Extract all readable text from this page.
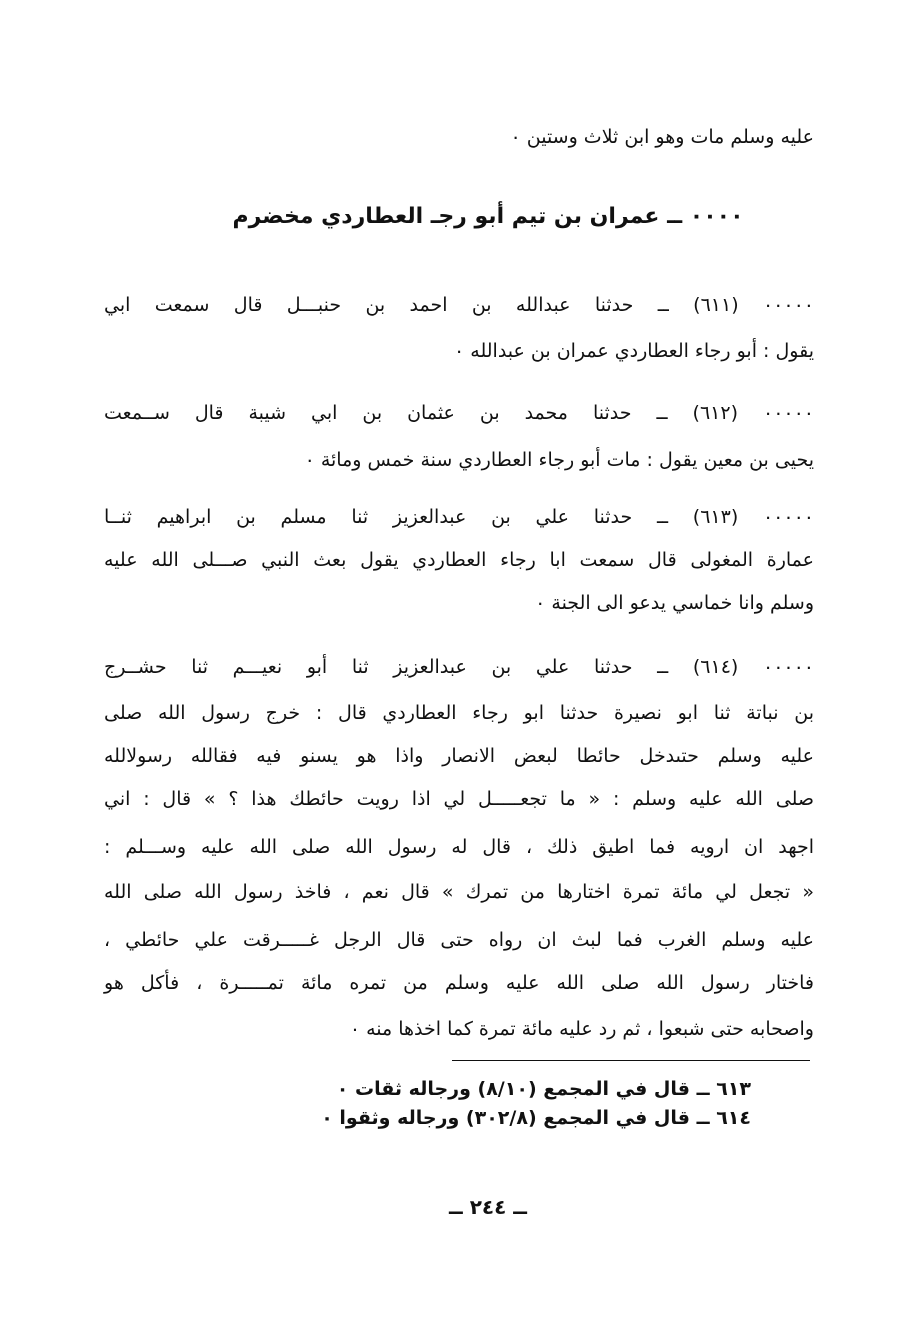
عليه وسلم مات وهو ابن ثلاث وستين ٠
٠٠٠٠ ــ عمران بن تيم أبو رجـ العطاردي مخضرم
٠٠٠٠٠ (٦١١) ــ حدثنا عبدالله بن احمد بن حنبـــل قال سمعت ابي
يقول : أبو رجاء العطاردي عمران بن عبدالله ٠
٠٠٠٠٠ (٦١٢) ــ حدثنا محمد بن عثمان بن ابي شيبة قال ســمعت
يحيى بن معين يقول : مات أبو رجاء العطاردي سنة خمس ومائة ٠
٠٠٠٠٠ (٦١٣) ــ حدثنا علي بن عبدالعزيز ثنا مسلم بن ابراهيم ثنــا
عمارة المغولى قال سمعت ابا رجاء العطاردي يقول بعث النبي صـــلى الله عليه
وسلم وانا خماسي يدعو الى الجنة ٠
٠٠٠٠٠ (٦١٤) ــ حدثنا علي بن عبدالعزيز ثنا أبو نعيـــم ثنا حشــرج
بن نباتة ثنا ابو نصيرة حدثنا ابو رجاء العطاردي قال : خرج رسول الله صلى
عليه وسلم حتىدخل حائطا لبعض الانصار واذا هو يسنو فيه فقالله رسولالله
صلى الله عليه وسلم : « ما تجعـــــل لي اذا رويت حائطك هذا ؟ » قال : اني
اجهد ان ارويه فما اطيق ذلك ، قال له رسول الله صلى الله عليه وســـلم :
« تجعل لي مائة تمرة اختارها من تمرك » قال نعم ، فاخذ رسول الله صلى الله
عليه وسلم الغرب فما لبث ان رواه حتى قال الرجل غـــــرقت علي حائطي ،
فاختار رسول الله صلى الله عليه وسلم من تمره مائة تمـــــرة ، فأكل هو
واصحابه حتى شبعوا ، ثم رد عليه مائة تمرة كما اخذها منه ٠
٦١٣ ــ قال في المجمع (٨/١٠) ورجاله ثقات ٠
٦١٤ ــ قال في المجمع (٣٠٢/٨) ورجاله وثقوا ٠
ــ ٢٤٤ ــ
